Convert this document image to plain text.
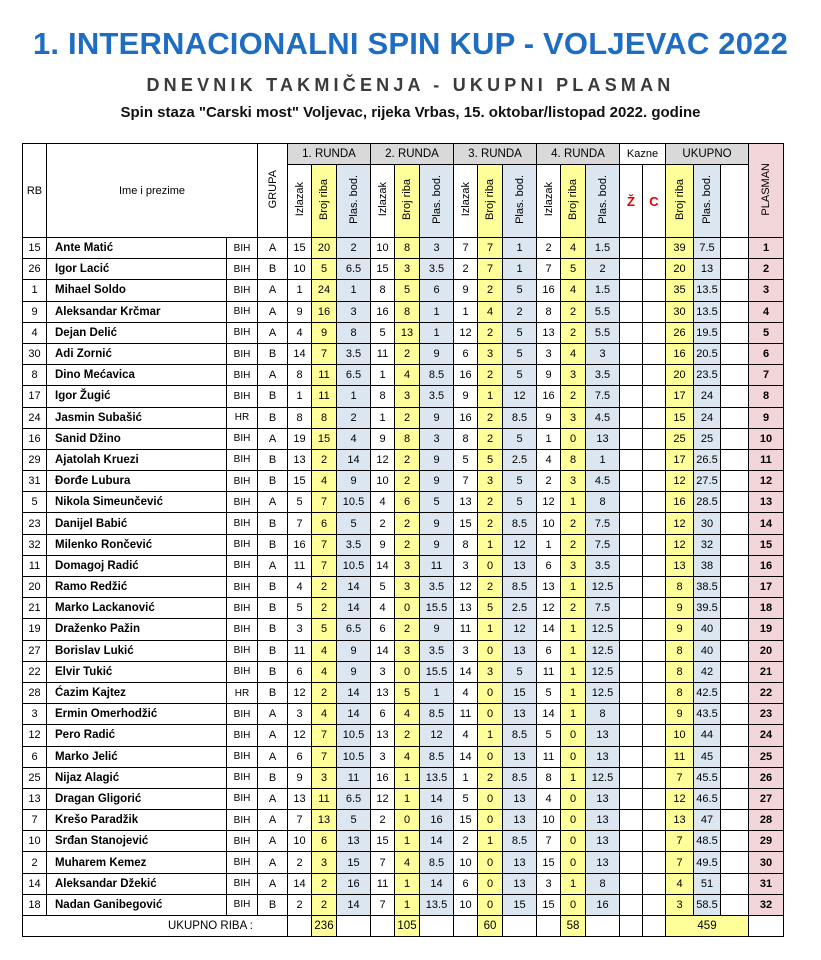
1. INTERNACIONALNI SPIN KUP - VOLJEVAC 2022
DNEVNIK TAKMIČENJA - UKUPNI PLASMAN
Spin staza "Carski most" Voljevac, rijeka Vrbas, 15. oktobar/listopad 2022. godine
RB	Ime i prezime		GRUPA	1. RUNDA			2. RUNDA			3. RUNDA			4. RUNDA			Kazne		UKUPNO			PLASMAN
				Izlazak	Broj riba	Plas. bod.	Izlazak	Broj riba	Plas. bod.	Izlazak	Broj riba	Plas. bod.	Izlazak	Broj riba	Plas. bod.	Ž	C	Broj riba	Plas. bod.		
15	Ante Matić	BIH	A	15	20	2	10	8	3	7	7	1	2	4	1.5			39	7.5		1
26	Igor Lacić	BIH	B	10	5	6.5	15	3	3.5	2	7	1	7	5	2			20	13		2
1	Mihael Soldo	BIH	A	1	24	1	8	5	6	9	2	5	16	4	1.5			35	13.5		3
9	Aleksandar Krčmar	BIH	A	9	16	3	16	8	1	1	4	2	8	2	5.5			30	13.5		4
4	Dejan Delić	BIH	A	4	9	8	5	13	1	12	2	5	13	2	5.5			26	19.5		5
30	Adi Zornić	BIH	B	14	7	3.5	11	2	9	6	3	5	3	4	3			16	20.5		6
8	Dino Mećavica	BIH	A	8	11	6.5	1	4	8.5	16	2	5	9	3	3.5			20	23.5		7
17	Igor Žugić	BIH	B	1	11	1	8	3	3.5	9	1	12	16	2	7.5			17	24		8
24	Jasmin Subašić	HR	B	8	8	2	1	2	9	16	2	8.5	9	3	4.5			15	24		9
16	Sanid Džino	BIH	A	19	15	4	9	8	3	8	2	5	1	0	13			25	25		10
29	Ajatolah Kruezi	BIH	B	13	2	14	12	2	9	5	5	2.5	4	8	1			17	26.5		11
31	Đorđe Lubura	BIH	B	15	4	9	10	2	9	7	3	5	2	3	4.5			12	27.5		12
5	Nikola Simeunčević	BIH	A	5	7	10.5	4	6	5	13	2	5	12	1	8			16	28.5		13
23	Danijel Babić	BIH	B	7	6	5	2	2	9	15	2	8.5	10	2	7.5			12	30		14
32	Milenko Rončević	BIH	B	16	7	3.5	9	2	9	8	1	12	1	2	7.5			12	32		15
11	Domagoj Radić	BIH	A	11	7	10.5	14	3	11	3	0	13	6	3	3.5			13	38		16
20	Ramo Redžić	BIH	B	4	2	14	5	3	3.5	12	2	8.5	13	1	12.5			8	38.5		17
21	Marko Lackanović	BIH	B	5	2	14	4	0	15.5	13	5	2.5	12	2	7.5			9	39.5		18
19	Draženko Pažin	BIH	B	3	5	6.5	6	2	9	11	1	12	14	1	12.5			9	40		19
27	Borislav Lukić	BIH	B	11	4	9	14	3	3.5	3	0	13	6	1	12.5			8	40		20
22	Elvir Tukić	BIH	B	6	4	9	3	0	15.5	14	3	5	11	1	12.5			8	42		21
28	Ćazim Kajtez	HR	B	12	2	14	13	5	1	4	0	15	5	1	12.5			8	42.5		22
3	Ermin Omerhodžić	BIH	A	3	4	14	6	4	8.5	11	0	13	14	1	8			9	43.5		23
12	Pero Radić	BIH	A	12	7	10.5	13	2	12	4	1	8.5	5	0	13			10	44		24
6	Marko Jelić	BIH	A	6	7	10.5	3	4	8.5	14	0	13	11	0	13			11	45		25
25	Nijaz Alagić	BIH	B	9	3	11	16	1	13.5	1	2	8.5	8	1	12.5			7	45.5		26
13	Dragan Gligorić	BIH	A	13	11	6.5	12	1	14	5	0	13	4	0	13			12	46.5		27
7	Krešo Paradžik	BIH	A	7	13	5	2	0	16	15	0	13	10	0	13			13	47		28
10	Srđan Stanojević	BIH	A	10	6	13	15	1	14	2	1	8.5	7	0	13			7	48.5		29
2	Muharem Kemez	BIH	A	2	3	15	7	4	8.5	10	0	13	15	0	13			7	49.5		30
14	Aleksandar Džekić	BIH	A	14	2	16	11	1	14	6	0	13	3	1	8			4	51		31
18	Nadan Ganibegović	BIH	B	2	2	14	7	1	13.5	10	0	15	15	0	16			3	58.5		32
UKUPNO RIBA :					236			105			60			58				459			
